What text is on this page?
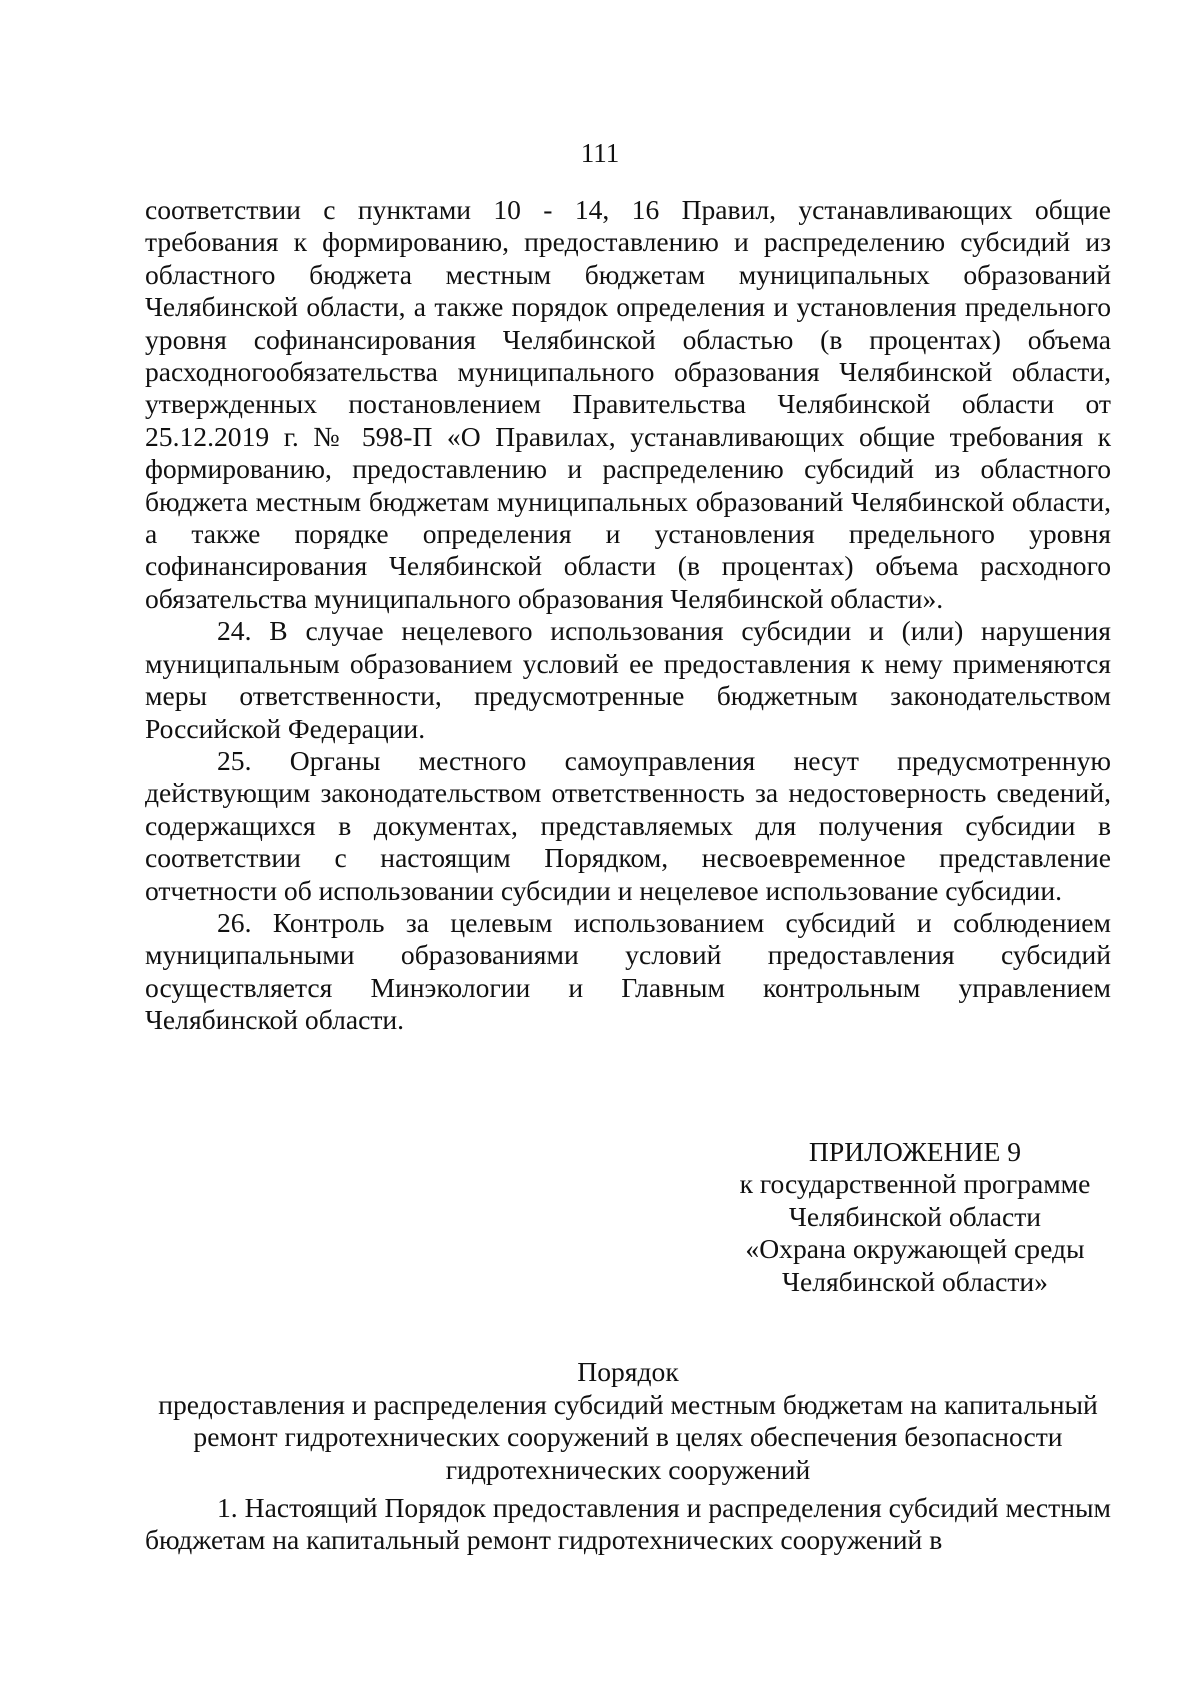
111

соответствии с пунктами 10 - 14, 16 Правил, устанавливающих общие требования к формированию, предоставлению и распределению субсидий из областного бюджета местным бюджетам муниципальных образований Челябинской области, а также порядок определения и установления предельного уровня софинансирования Челябинской областью (в процентах) объема расходногообязательства муниципального образования Челябинской области, утвержденных постановлением Правительства Челябинской области от 25.12.2019 г. № 598-П «О Правилах, устанавливающих общие требования к формированию, предоставлению и распределению субсидий из областного бюджета местным бюджетам муниципальных образований Челябинской области, а также порядке определения и установления предельного уровня софинансирования Челябинской области (в процентах) объема расходного обязательства муниципального образования Челябинской области».

24. В случае нецелевого использования субсидии и (или) нарушения муниципальным образованием условий ее предоставления к нему применяются меры ответственности, предусмотренные бюджетным законодательством Российской Федерации.

25. Органы местного самоуправления несут предусмотренную действующим законодательством ответственность за недостоверность сведений, содержащихся в документах, представляемых для получения субсидии в соответствии с настоящим Порядком, несвоевременное представление отчетности об использовании субсидии и нецелевое использование субсидии.

26. Контроль за целевым использованием субсидий и соблюдением муниципальными образованиями условий предоставления субсидий осуществляется Минэкологии и Главным контрольным управлением Челябинской области.

ПРИЛОЖЕНИЕ 9
к государственной программе
Челябинской области
«Охрана окружающей среды
Челябинской области»
Порядок
предоставления и распределения субсидий местным бюджетам на капитальный
ремонт гидротехнических сооружений в целях обеспечения безопасности
гидротехнических сооружений

1. Настоящий Порядок предоставления и распределения субсидий местным бюджетам на капитальный ремонт гидротехнических сооружений в
